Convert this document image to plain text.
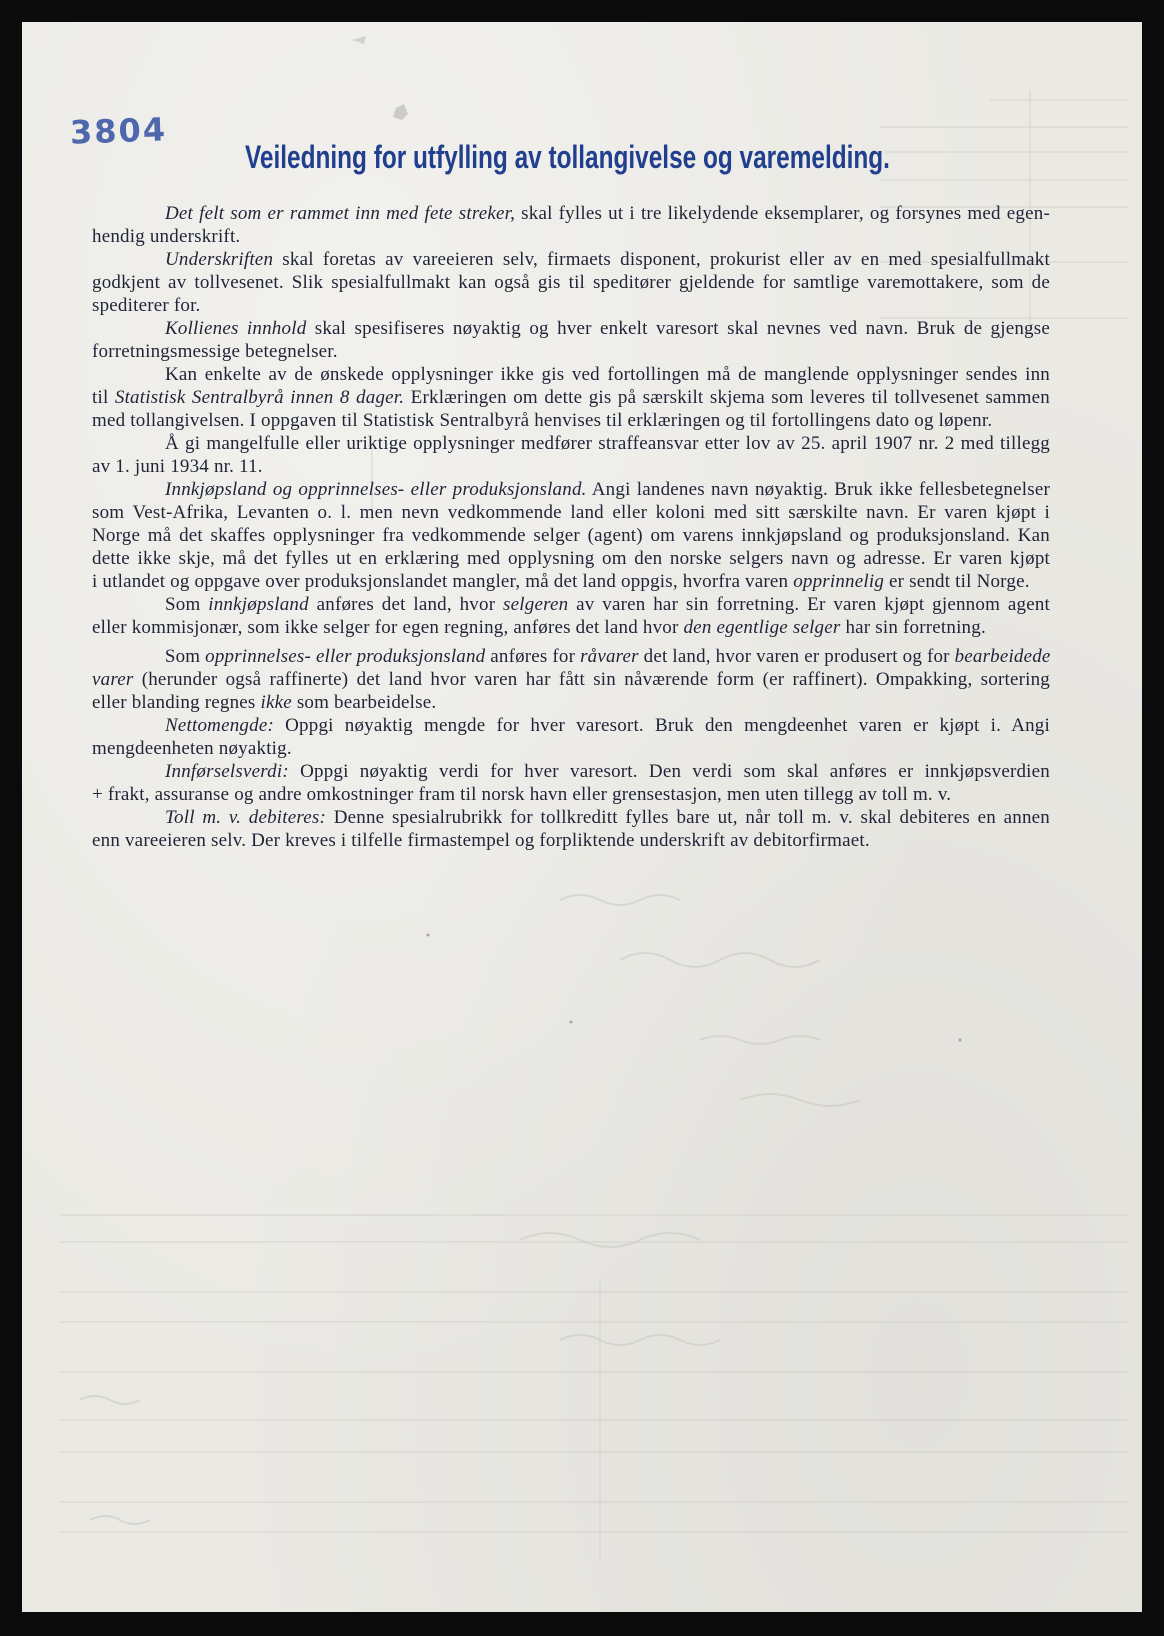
3804
Veiledning for utfylling av tollangivelse og varemelding.
Det felt som er rammet inn med fete streker, skal fylles ut i tre likelydende eksemplarer, og forsynes med egen-
hendig underskrift.
Underskriften skal foretas av vareeieren selv, firmaets disponent, prokurist eller av en med spesialfullmakt
godkjent av tollvesenet. Slik spesialfullmakt kan også gis til speditører gjeldende for samtlige varemottakere, som de
spediterer for.
Kollienes innhold skal spesifiseres nøyaktig og hver enkelt varesort skal nevnes ved navn. Bruk de gjengse
forretningsmessige betegnelser.
Kan enkelte av de ønskede opplysninger ikke gis ved fortollingen må de manglende opplysninger sendes inn
til Statistisk Sentralbyrå innen 8 dager. Erklæringen om dette gis på særskilt skjema som leveres til tollvesenet sammen
med tollangivelsen. I oppgaven til Statistisk Sentralbyrå henvises til erklæringen og til fortollingens dato og løpenr.
Å gi mangelfulle eller uriktige opplysninger medfører straffeansvar etter lov av 25. april 1907 nr. 2 med tillegg
av 1. juni 1934 nr. 11.
Innkjøpsland og opprinnelses- eller produksjonsland. Angi landenes navn nøyaktig. Bruk ikke fellesbetegnelser
som Vest-Afrika, Levanten o. l. men nevn vedkommende land eller koloni med sitt særskilte navn. Er varen kjøpt i
Norge må det skaffes opplysninger fra vedkommende selger (agent) om varens innkjøpsland og produksjonsland. Kan
dette ikke skje, må det fylles ut en erklæring med opplysning om den norske selgers navn og adresse. Er varen kjøpt
i utlandet og oppgave over produksjonslandet mangler, må det land oppgis, hvorfra varen opprinnelig er sendt til Norge.
Som innkjøpsland anføres det land, hvor selgeren av varen har sin forretning. Er varen kjøpt gjennom agent
eller kommisjonær, som ikke selger for egen regning, anføres det land hvor den egentlige selger har sin forretning.
Som opprinnelses- eller produksjonsland anføres for råvarer det land, hvor varen er produsert og for bearbeidede
varer (herunder også raffinerte) det land hvor varen har fått sin nåværende form (er raffinert). Ompakking, sortering
eller blanding regnes ikke som bearbeidelse.
Nettomengde: Oppgi nøyaktig mengde for hver varesort. Bruk den mengdeenhet varen er kjøpt i. Angi
mengdeenheten nøyaktig.
Innførselsverdi: Oppgi nøyaktig verdi for hver varesort. Den verdi som skal anføres er innkjøpsverdien
+ frakt, assuranse og andre omkostninger fram til norsk havn eller grensestasjon, men uten tillegg av toll m. v.
Toll m. v. debiteres: Denne spesialrubrikk for tollkreditt fylles bare ut, når toll m. v. skal debiteres en annen
enn vareeieren selv. Der kreves i tilfelle firmastempel og forpliktende underskrift av debitorfirmaet.
